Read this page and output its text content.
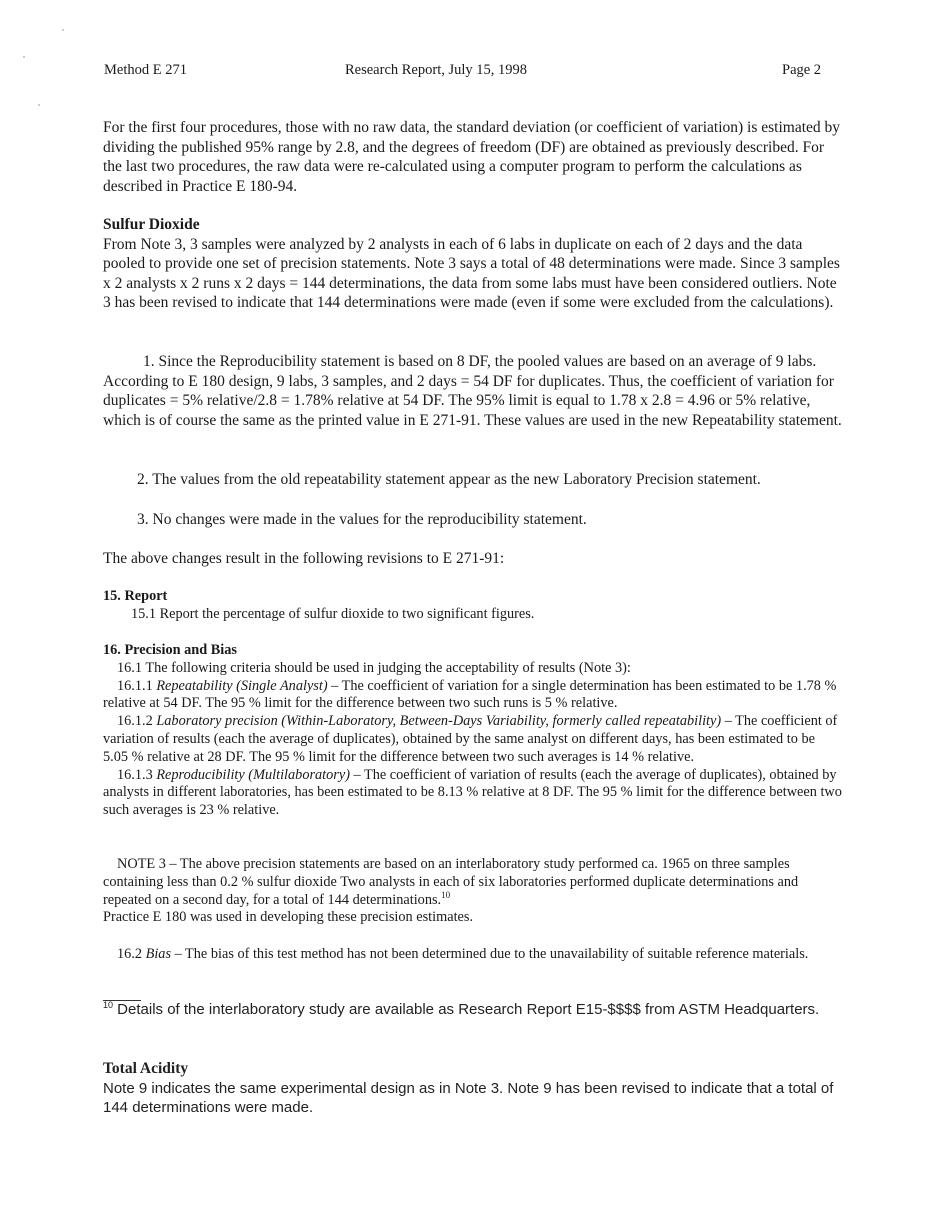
Method E 271	Research Report, July 15, 1998	Page 2
For the first four procedures, those with no raw data, the standard deviation (or coefficient of variation) is estimated by dividing the published 95% range by 2.8, and the degrees of freedom (DF) are obtained as previously described. For the last two procedures, the raw data were re-calculated using a computer program to perform the calculations as described in Practice E 180-94.

Sulfur Dioxide

From Note 3, 3 samples were analyzed by 2 analysts in each of 6 labs in duplicate on each of 2 days and the data pooled to provide one set of precision statements. Note 3 says a total of 48 determinations were made. Since 3 samples x 2 analysts x 2 runs x 2 days = 144 determinations, the data from some labs must have been considered outliers. Note 3 has been revised to indicate that 144 determinations were made (even if some were excluded from the calculations).

1. Since the Reproducibility statement is based on 8 DF, the pooled values are based on an average of 9 labs. According to E 180 design, 9 labs, 3 samples, and 2 days = 54 DF for duplicates. Thus, the coefficient of variation for duplicates = 5% relative/2.8 = 1.78% relative at 54 DF. The 95% limit is equal to 1.78 x 2.8 = 4.96 or 5% relative, which is of course the same as the printed value in E 271-91. These values are used in the new Repeatability statement.

2. The values from the old repeatability statement appear as the new Laboratory Precision statement.

3. No changes were made in the values for the reproducibility statement.

The above changes result in the following revisions to E 271-91:

15. Report

15.1 Report the percentage of sulfur dioxide to two significant figures.

16. Precision and Bias

16.1 The following criteria should be used in judging the acceptability of results (Note 3):

16.1.1 Repeatability (Single Analyst) – The coefficient of variation for a single determination has been estimated to be 1.78 % relative at 54 DF. The 95 % limit for the difference between two such runs is 5 % relative.

16.1.2 Laboratory precision (Within-Laboratory, Between-Days Variability, formerly called repeatability) – The coefficient of variation of results (each the average of duplicates), obtained by the same analyst on different days, has been estimated to be 5.05 % relative at 28 DF. The 95 % limit for the difference between two such averages is 14 % relative.

16.1.3 Reproducibility (Multilaboratory) – The coefficient of variation of results (each the average of duplicates), obtained by analysts in different laboratories, has been estimated to be 8.13 % relative at 8 DF. The 95 % limit for the difference between two such averages is 23 % relative.

NOTE 3 – The above precision statements are based on an interlaboratory study performed ca. 1965 on three samples containing less than 0.2 % sulfur dioxide Two analysts in each of six laboratories performed duplicate determinations and repeated on a second day, for a total of 144 determinations.$^{10}$

Practice E 180 was used in developing these precision estimates.

16.2 Bias – The bias of this test method has not been determined due to the unavailability of suitable reference materials.

$^{10}$ Details of the interlaboratory study are available as Research Report E15-$$$$ from ASTM Headquarters.

Total Acidity

Note 9 indicates the same experimental design as in Note 3. Note 9 has been revised to indicate that a total of 144 determinations were made.
